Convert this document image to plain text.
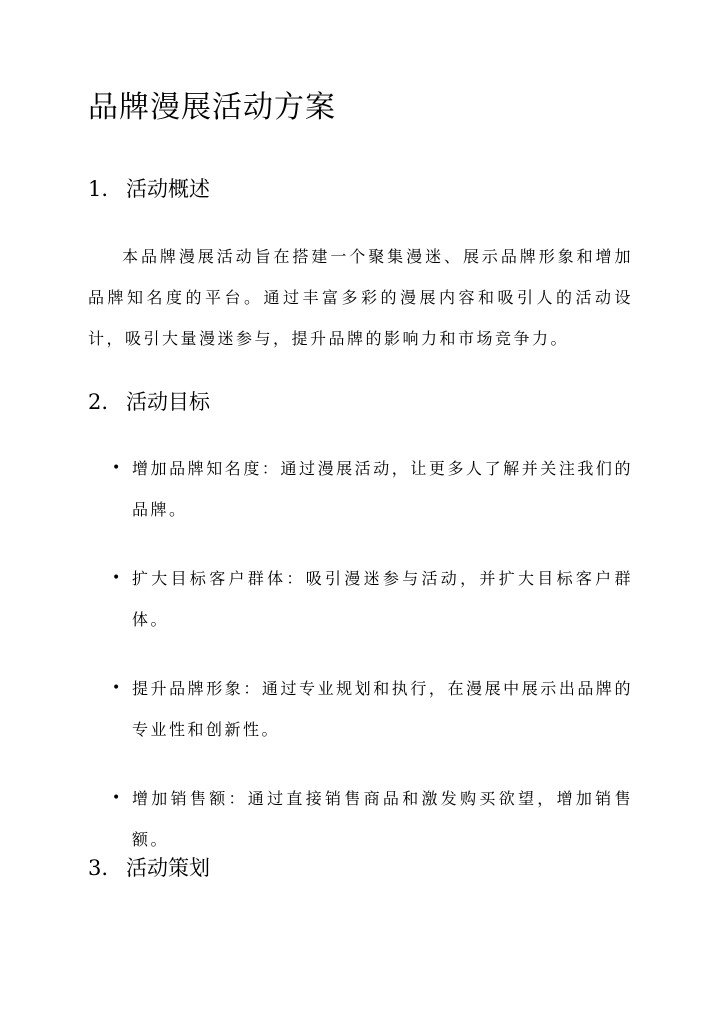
品牌漫展活动方案
1. 活动概述

本品牌漫展活动旨在搭建一个聚集漫迷、展示品牌形象和增加品牌知名度的平台。通过丰富多彩的漫展内容和吸引人的活动设计，吸引大量漫迷参与，提升品牌的影响力和市场竞争力。

2. 活动目标
• 增加品牌知名度：通过漫展活动，让更多人了解并关注我们的品牌。
• 扩大目标客户群体：吸引漫迷参与活动，并扩大目标客户群体。
• 提升品牌形象：通过专业规划和执行，在漫展中展示出品牌的专业性和创新性。
• 增加销售额：通过直接销售商品和激发购买欲望，增加销售额。
3. 活动策划
